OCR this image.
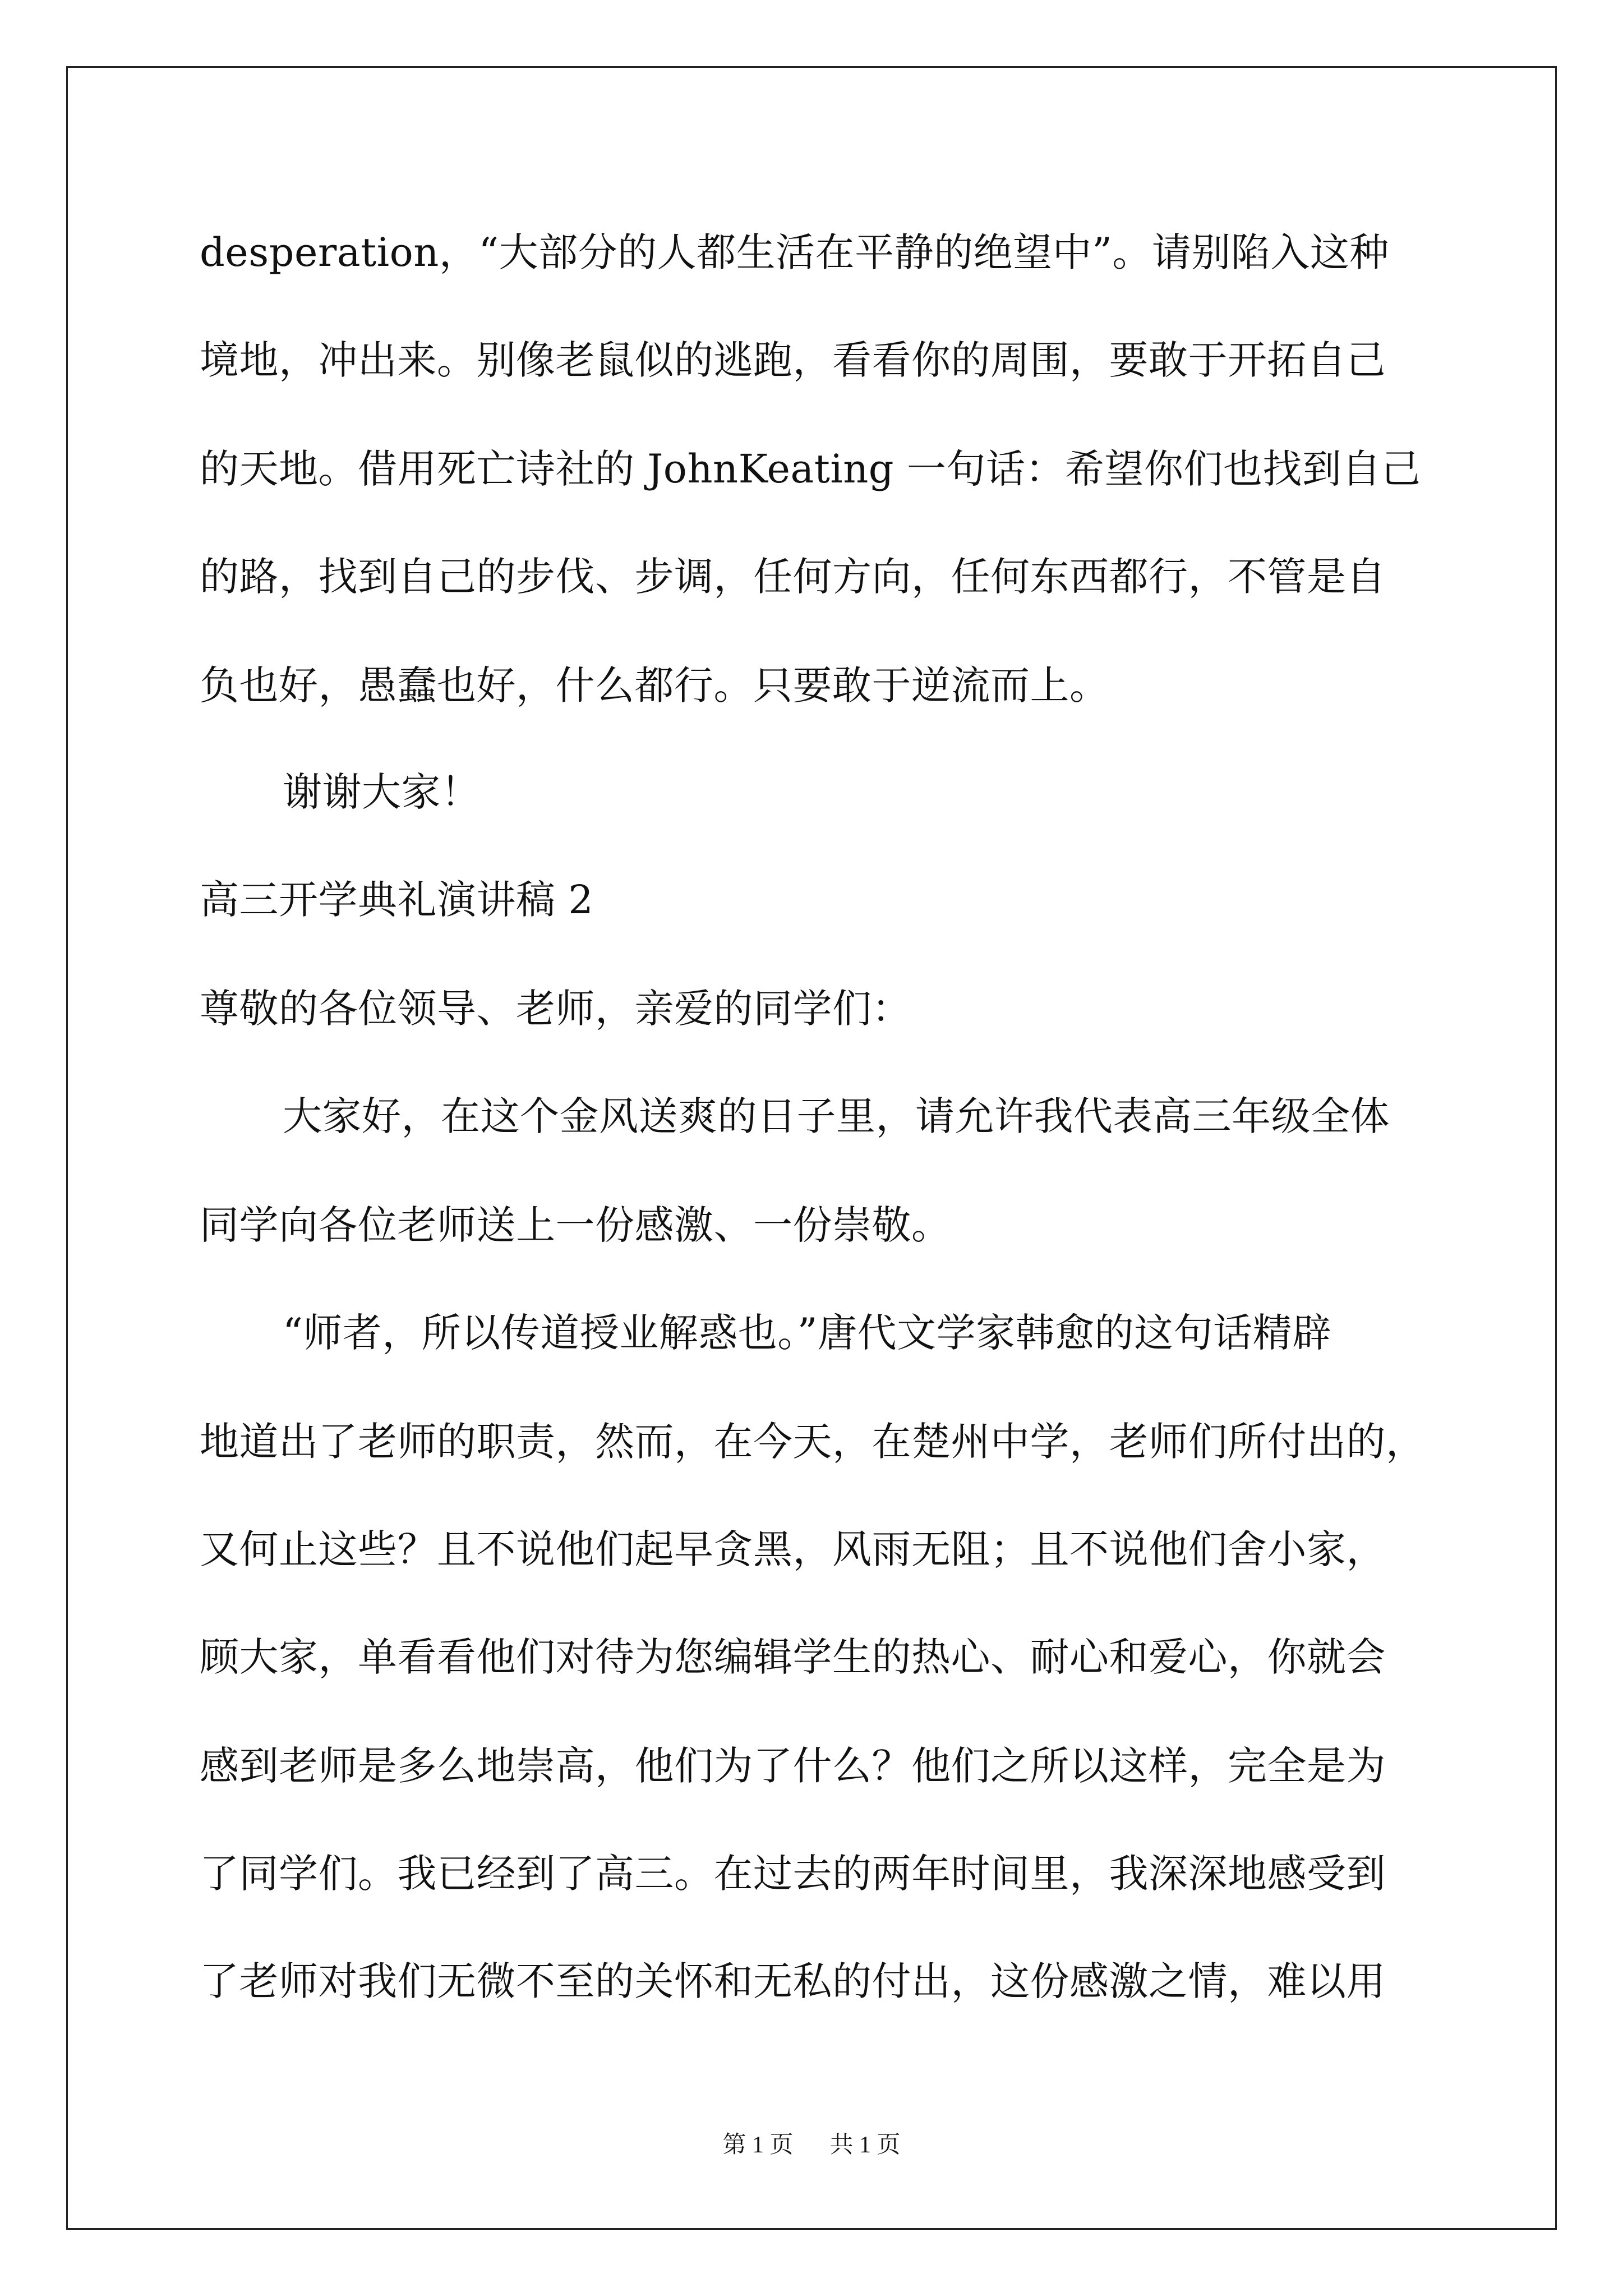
desperation，“大部分的人都生活在平静的绝望中”。请别陷入这种
境地，冲出来。别像老鼠似的逃跑，看看你的周围，要敢于开拓自己
的天地。借用死亡诗社的 JohnKeating 一句话：希望你们也找到自己
的路，找到自己的步伐、步调，任何方向，任何东西都行，不管是自
负也好，愚蠢也好，什么都行。只要敢于逆流而上。
谢谢大家！
高三开学典礼演讲稿 2
尊敬的各位领导、老师，亲爱的同学们：
大家好，在这个金风送爽的日子里，请允许我代表高三年级全体
同学向各位老师送上一份感激、一份崇敬。
“师者，所以传道授业解惑也。”唐代文学家韩愈的这句话精辟
地道出了老师的职责，然而，在今天，在楚州中学，老师们所付出的，
又何止这些？且不说他们起早贪黑，风雨无阻；且不说他们舍小家，
顾大家，单看看他们对待为您编辑学生的热心、耐心和爱心，你就会
感到老师是多么地崇高，他们为了什么？他们之所以这样，完全是为
了同学们。我已经到了高三。在过去的两年时间里，我深深地感受到
了老师对我们无微不至的关怀和无私的付出，这份感激之情，难以用
第 1 页 共 1 页
